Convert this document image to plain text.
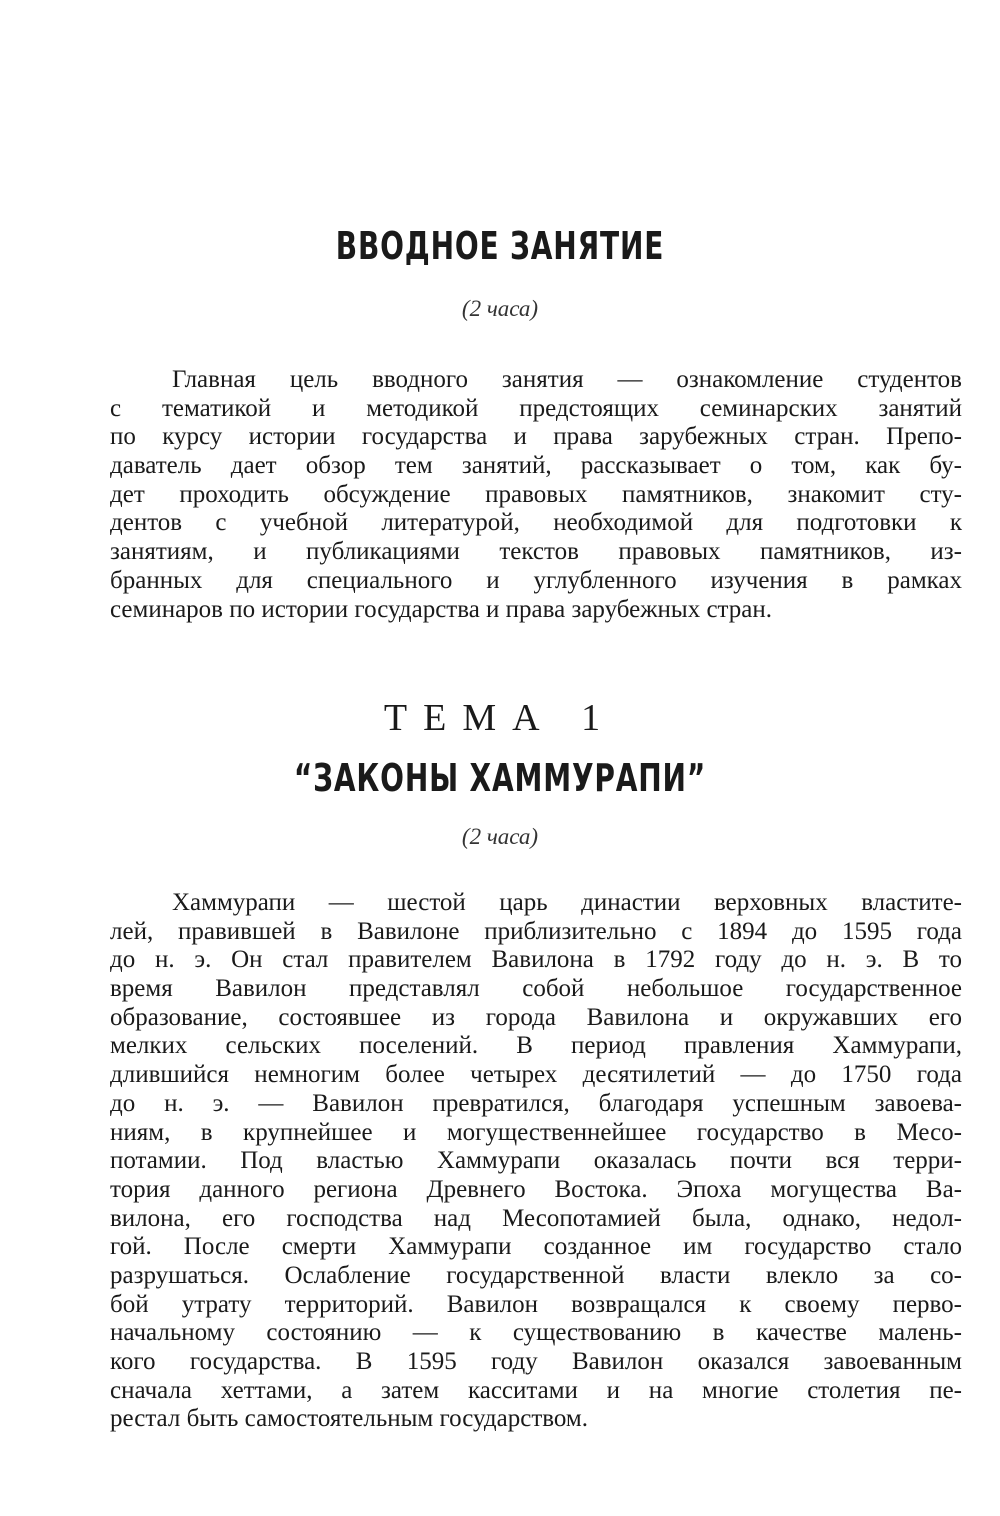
ВВОДНОЕ ЗАНЯТИЕ

(2 часа)

Главная цель вводного занятия — ознакомление студентов
с тематикой и методикой предстоящих семинарских занятий
по курсу истории государства и права зарубежных стран. Препо-
даватель дает обзор тем занятий, рассказывает о том, как бу-
дет проходить обсуждение правовых памятников, знакомит сту-
дентов с учебной литературой, необходимой для подготовки к
занятиям, и публикациями текстов правовых памятников, из-
бранных для специального и углубленного изучения в рамках
семинаров по истории государства и права зарубежных стран.
ТЕМА 1
“ЗАКОНЫ ХАММУРАПИ”

(2 часа)

Хаммурапи — шестой царь династии верховных властите-
лей, правившей в Вавилоне приблизительно с 1894 до 1595 года
до н. э. Он стал правителем Вавилона в 1792 году до н. э. В то
время Вавилон представлял собой небольшое государственное
образование, состоявшее из города Вавилона и окружавших его
мелких сельских поселений. В период правления Хаммурапи,
длившийся немногим более четырех десятилетий — до 1750 года
до н. э. — Вавилон превратился, благодаря успешным завоева-
ниям, в крупнейшее и могущественнейшее государство в Месо-
потамии. Под властью Хаммурапи оказалась почти вся терри-
тория данного региона Древнего Востока. Эпоха могущества Ва-
вилона, его господства над Месопотамией была, однако, недол-
гой. После смерти Хаммурапи созданное им государство стало
разрушаться. Ослабление государственной власти влекло за со-
бой утрату территорий. Вавилон возвращался к своему перво-
начальному состоянию — к существованию в качестве малень-
кого государства. В 1595 году Вавилон оказался завоеванным
сначала хеттами, а затем касситами и на многие столетия пе-
рестал быть самостоятельным государством.
